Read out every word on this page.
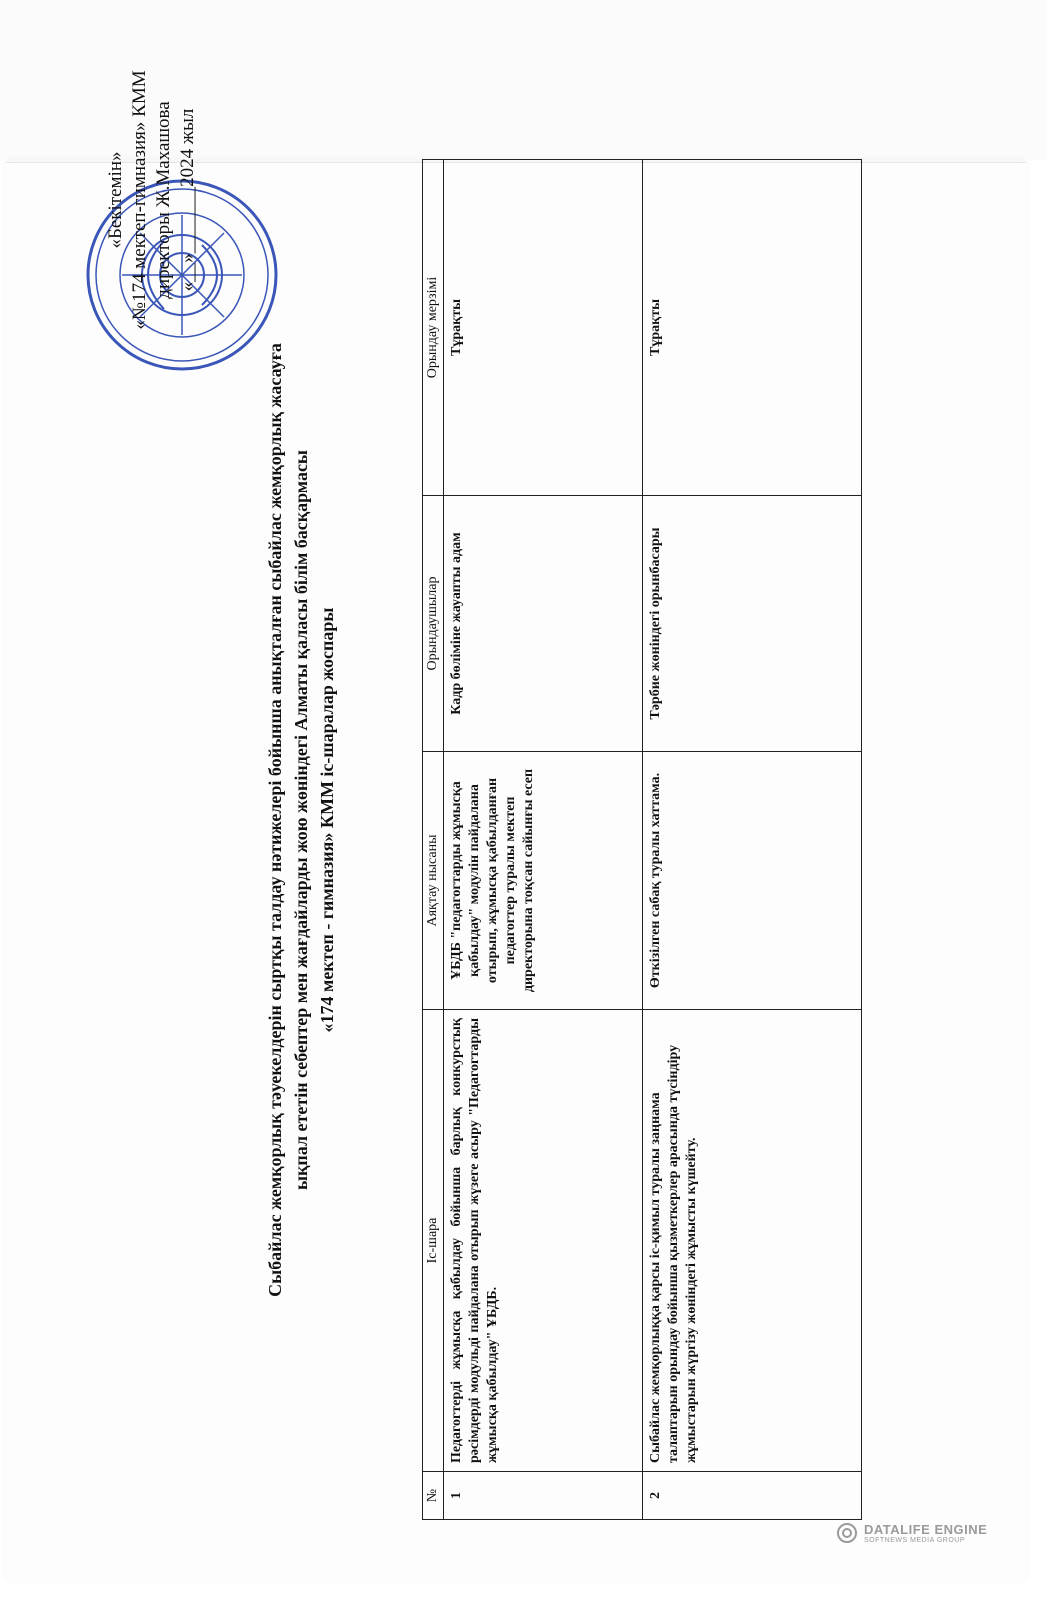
«Бекітемін» «№174 мектеп-гимназия» КММ директоры Ж.Махашова «__»_______2024 жыл
Сыбайлас жемқорлық тәуекелдерін сыртқы талдау нәтижелері бойынша анықталған сыбайлас жемқорлық жасауға ықпал ететін себептер мен жағдайларды жою жөніндегі Алматы қаласы білім басқармасы «174 мектеп - гимназия» КММ іс-шаралар жоспары
№	Іс-шара	Аяқтау нысаны	Орындаушылар	Орындау мерзімі
1	Педагогтерді жұмысқа қабылдау бойынша барлық конкурстық рәсімдерді модульді пайдалана отырып жүзеге асыру "Педагогтарды жұмысқа қабылдау" ҰБДБ.	ҰБДБ "педагогтарды жұмысқа қабылдау" модулін пайдалана отырып, жұмысқа қабылданған педагогтер туралы мектеп директорына тоқсан сайынғы есеп	Кадр бөліміне жауапты адам	Тұрақты
2	Сыбайлас жемқорлыққа қарсы іс-қимыл туралы заңнама талаптарын орындау бойынша қызметкерлер арасында түсіндіру жұмыстарын жүргізу жөніндегі жұмысты күшейту.	Өткізілген сабақ туралы хаттама.	Тәрбие жөніндегі орынбасары	Тұрақты
DATALIFE ENGINE
SOFTNEWS MEDIA GROUP
